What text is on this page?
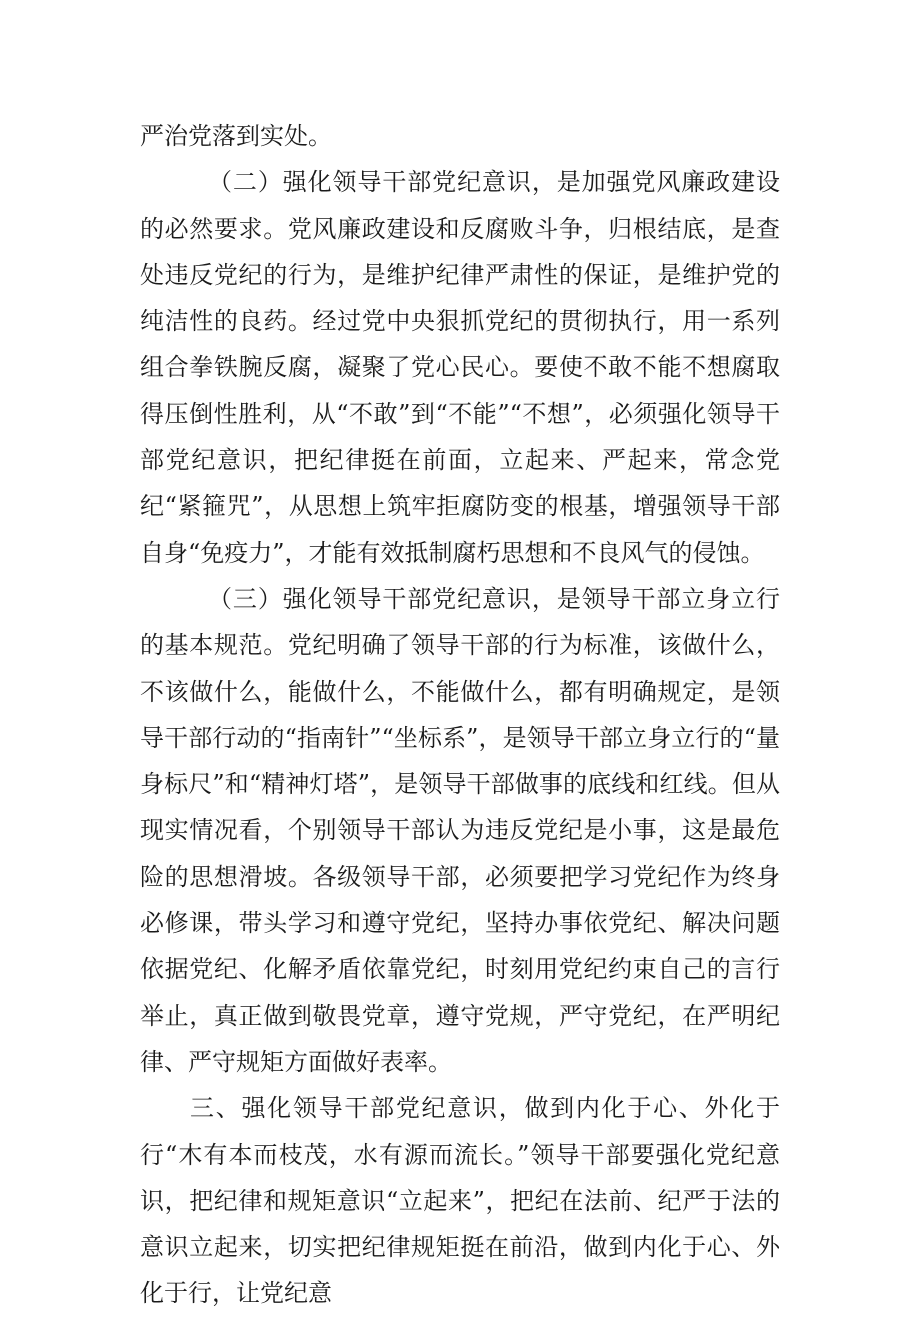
严治党落到实处。

（二）强化领导干部党纪意识，是加强党风廉政建设的必然要求。党风廉政建设和反腐败斗争，归根结底，是查处违反党纪的行为，是维护纪律严肃性的保证，是维护党的纯洁性的良药。经过党中央狠抓党纪的贯彻执行，用一系列组合拳铁腕反腐，凝聚了党心民心。要使不敢不能不想腐取得压倒性胜利，从“不敢”到“不能”“不想”，必须强化领导干部党纪意识，把纪律挺在前面，立起来、严起来，常念党纪“紧箍咒”，从思想上筑牢拒腐防变的根基，增强领导干部自身“免疫力”，才能有效抵制腐朽思想和不良风气的侵蚀。

（三）强化领导干部党纪意识，是领导干部立身立行的基本规范。党纪明确了领导干部的行为标准，该做什么，不该做什么，能做什么，不能做什么，都有明确规定，是领导干部行动的“指南针”“坐标系”，是领导干部立身立行的“量身标尺”和“精神灯塔”，是领导干部做事的底线和红线。但从现实情况看，个别领导干部认为违反党纪是小事，这是最危险的思想滑坡。各级领导干部，必须要把学习党纪作为终身必修课，带头学习和遵守党纪，坚持办事依党纪、解决问题依据党纪、化解矛盾依靠党纪，时刻用党纪约束自己的言行举止，真正做到敬畏党章，遵守党规，严守党纪，在严明纪律、严守规矩方面做好表率。

三、强化领导干部党纪意识，做到内化于心、外化于行“木有本而枝茂，水有源而流长。”领导干部要强化党纪意识，把纪律和规矩意识“立起来”，把纪在法前、纪严于法的意识立起来，切实把纪律规矩挺在前沿，做到内化于心、外化于行，让党纪意
